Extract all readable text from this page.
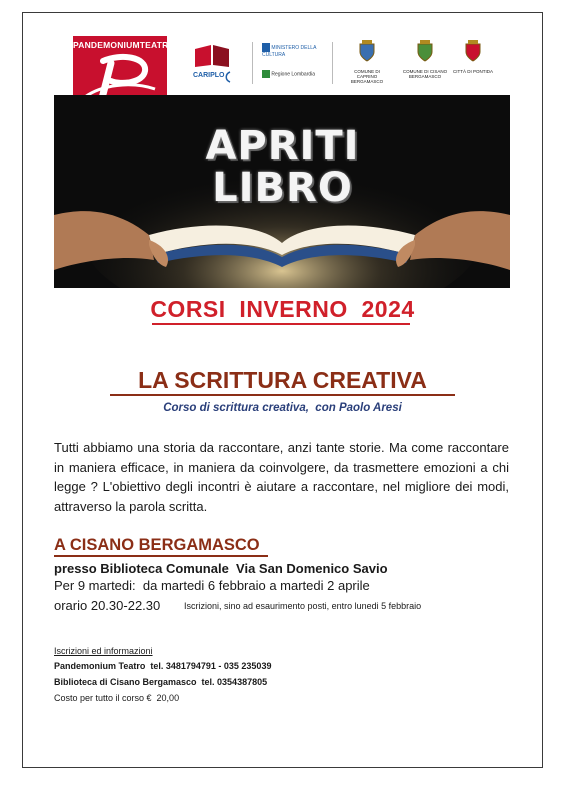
PANDEMONIUMTEATRO
CARIPLO
MINISTERO DELLA CULTURA
Regione Lombardia	COMUNE DI CAPRINO BERGAMASCO
COMUNE DI CISANO BERGAMASCO
CITTÀ DI PONTIDA
APRITI
LIBRO
CORSI  INVERNO  2024
LA SCRITTURA CREATIVA
Corso di scrittura creativa,  con Paolo Aresi
Tutti abbiamo una storia da raccontare, anzi tante storie. Ma come raccontare in maniera efficace, in maniera da coinvolgere, da trasmettere emozioni a chi legge ? L'obiettivo degli incontri è aiutare a raccontare, nel migliore dei modi, attraverso la parola scritta.
A CISANO BERGAMASCO
presso Biblioteca Comunale  Via San Domenico Savio
Per 9 martedi:  da martedi 6 febbraio a martedi 2 aprile
orario 20.30-22.30	Iscrizioni, sino ad esaurimento posti, entro lunedi 5 febbraio
Iscrizioni ed informazioni
Pandemonium Teatro  tel. 3481794791 - 035 235039
Biblioteca di Cisano Bergamasco  tel. 0354387805
Costo per tutto il corso €  20,00
